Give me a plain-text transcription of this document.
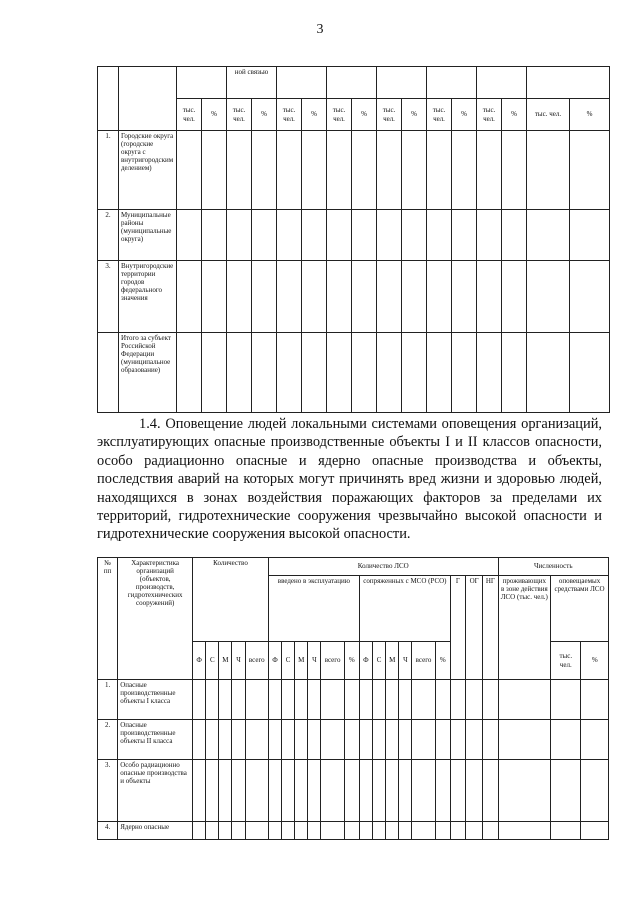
3
				ной связью													
		тыс. чел.	%	тыс. чел.	%	тыс. чел.	%	тыс. чел.	%	тыс. чел.	%	тыс. чел.	%	тыс. чел.	%	тыс. чел.	%
1.	Городские округа (городские округа с внутригородским делением)																
2.	Муниципальные районы (муниципальные округа)																
3.	Внутригородские территории городов федерального значения																
	Итого за субъект Российской Федерации (муниципальное образование)																
1.4. Оповещение людей локальными системами оповещения организаций, эксплуатирующих опасные производственные объекты I и II классов опасности, особо радиационно опасные и ядерно опасные производства и объекты, последствия аварий на которых могут причинять вред жизни и здоровью людей, находящихся в зонах воздействия поражающих факторов за пределами их территорий, гидротехнические сооружения чрезвычайно высокой опасности и гидротехнические сооружения высокой опасности.
№ пп	Характеристика организаций (объектов, производств, гидротехнических сооружений)	Количество					Количество ЛСО															Численность		
							введено в эксплуатацию						сопряженных с МСО (РСО)						Г	ОГ	НГ	проживающих в зоне действия ЛСО (тыс. чел.)	оповещаемых средствами ЛСО	
		Ф	С	М	Ч	всего	Ф	С	М	Ч	всего	%	Ф	С	М	Ч	всего	%					тыс. чел.	%
1.	Опасные производственные объекты I класса																							
2.	Опасные производственные объекты II класса																							
3.	Особо радиационно опасные производства и объекты																							
4.	Ядерно опасные																							
